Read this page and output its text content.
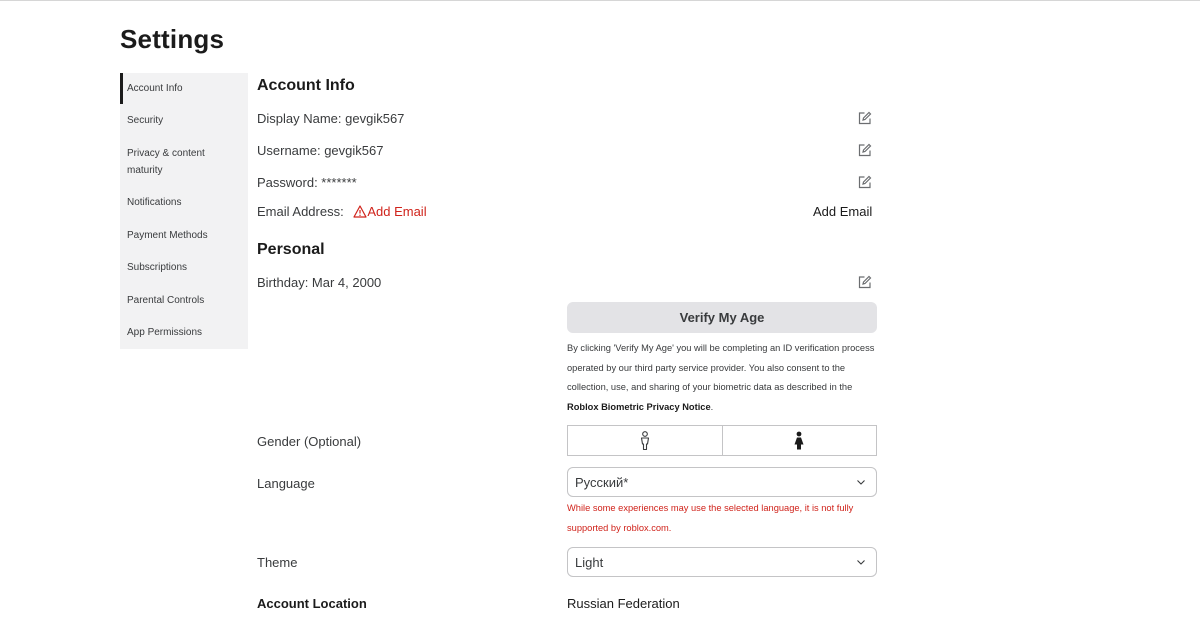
Settings
Account Info
Security
Privacy & content maturity
Notifications
Payment Methods
Subscriptions
Parental Controls
App Permissions
Account Info
Display Name: gevgik567
Username: gevgik567
Password: *******
Email Address: Add Email	Add Email
Personal
Birthday: Mar 4, 2000
Verify My Age
By clicking 'Verify My Age' you will be completing an ID verification process operated by our third party service provider. You also consent to the collection, use, and sharing of your biometric data as described in the Roblox Biometric Privacy Notice.
Gender (Optional)
Language	Русский*
While some experiences may use the selected language, it is not fully supported by roblox.com.
Theme	Light
Account Location	Russian Federation
